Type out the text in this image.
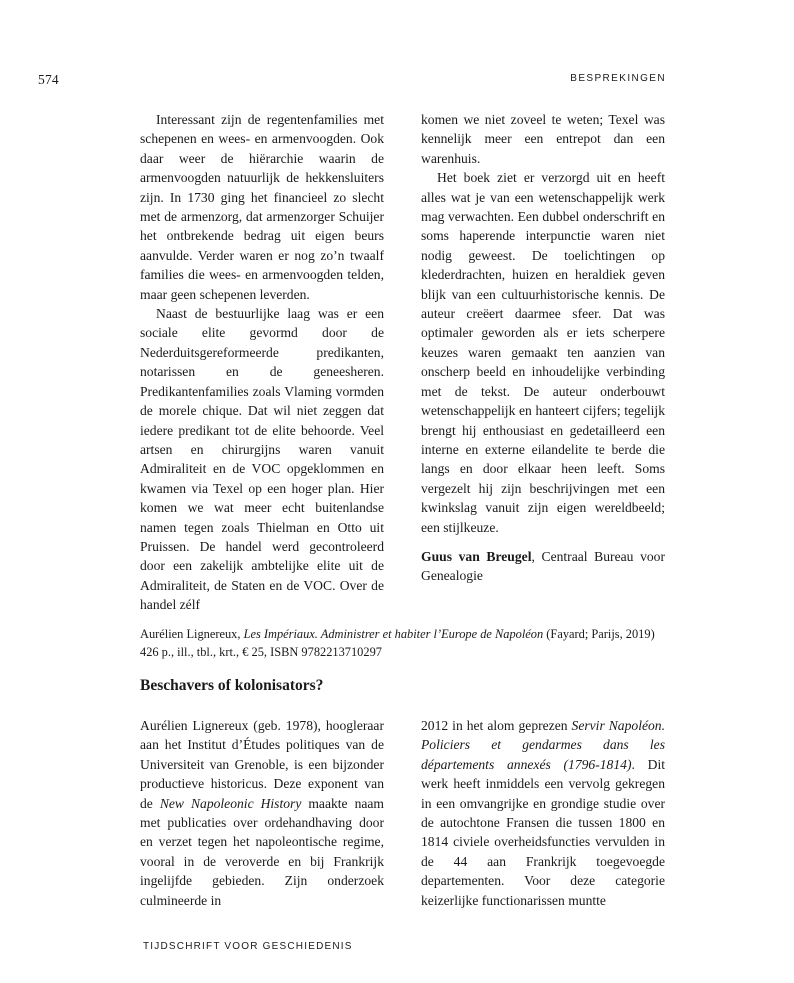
574	BESPREKINGEN

Interessant zijn de regentenfamilies met schepenen en wees- en armenvoogden. Ook daar weer de hiërarchie waarin de armenvoogden natuurlijk de hekkensluiters zijn. In 1730 ging het financieel zo slecht met de armenzorg, dat armenzorger Schuijer het ontbrekende bedrag uit eigen beurs aanvulde. Verder waren er nog zo’n twaalf families die wees- en armenvoogden telden, maar geen schepenen leverden.

Naast de bestuurlijke laag was er een sociale elite gevormd door de Nederduitsgereformeerde predikanten, notarissen en de geneesheren. Predikantenfamilies zoals Vlaming vormden de morele chique. Dat wil niet zeggen dat iedere predikant tot de elite behoorde. Veel artsen en chirurgijns waren vanuit Admiraliteit en de VOC opgeklommen en kwamen via Texel op een hoger plan. Hier komen we wat meer echt buitenlandse namen tegen zoals Thielman en Otto uit Pruissen. De handel werd gecontroleerd door een zakelijk ambtelijke elite uit de Admiraliteit, de Staten en de VOC. Over de handel zélf

komen we niet zoveel te weten; Texel was kennelijk meer een entrepot dan een warenhuis.

Het boek ziet er verzorgd uit en heeft alles wat je van een wetenschappelijk werk mag verwachten. Een dubbel onderschrift en soms haperende interpunctie waren niet nodig geweest. De toelichtingen op klederdrachten, huizen en heraldiek geven blijk van een cultuurhistorische kennis. De auteur creëert daarmee sfeer. Dat was optimaler geworden als er iets scherpere keuzes waren gemaakt ten aanzien van onscherp beeld en inhoudelijke verbinding met de tekst. De auteur onderbouwt wetenschappelijk en hanteert cijfers; tegelijk brengt hij enthousiast en gedetailleerd een interne en externe eilandelite te berde die langs en door elkaar heen leeft. Soms vergezelt hij zijn beschrijvingen met een kwinkslag vanuit zijn eigen wereldbeeld; een stijlkeuze.

Guus van Breugel, Centraal Bureau voor Genealogie

Aurélien Lignereux, Les Impériaux. Administrer et habiter l’Europe de Napoléon (Fayard; Parijs, 2019) 426 p., ill., tbl., krt., € 25, ISBN 9782213710297
Beschavers of kolonisators?

Aurélien Lignereux (geb. 1978), hoogleraar aan het Institut d’Études politiques van de Universiteit van Grenoble, is een bijzonder productieve historicus. Deze exponent van de New Napoleonic History maakte naam met publicaties over ordehandhaving door en verzet tegen het napoleontische regime, vooral in de veroverde en bij Frankrijk ingelijfde gebieden. Zijn onderzoek culmineerde in

2012 in het alom geprezen Servir Napoléon. Policiers et gendarmes dans les départements annexés (1796-1814). Dit werk heeft inmiddels een vervolg gekregen in een omvangrijke en grondige studie over de autochtone Fransen die tussen 1800 en 1814 civiele overheidsfuncties vervulden in de 44 aan Frankrijk toegevoegde departementen. Voor deze categorie keizerlijke functionarissen muntte

TIJDSCHRIFT VOOR GESCHIEDENIS
